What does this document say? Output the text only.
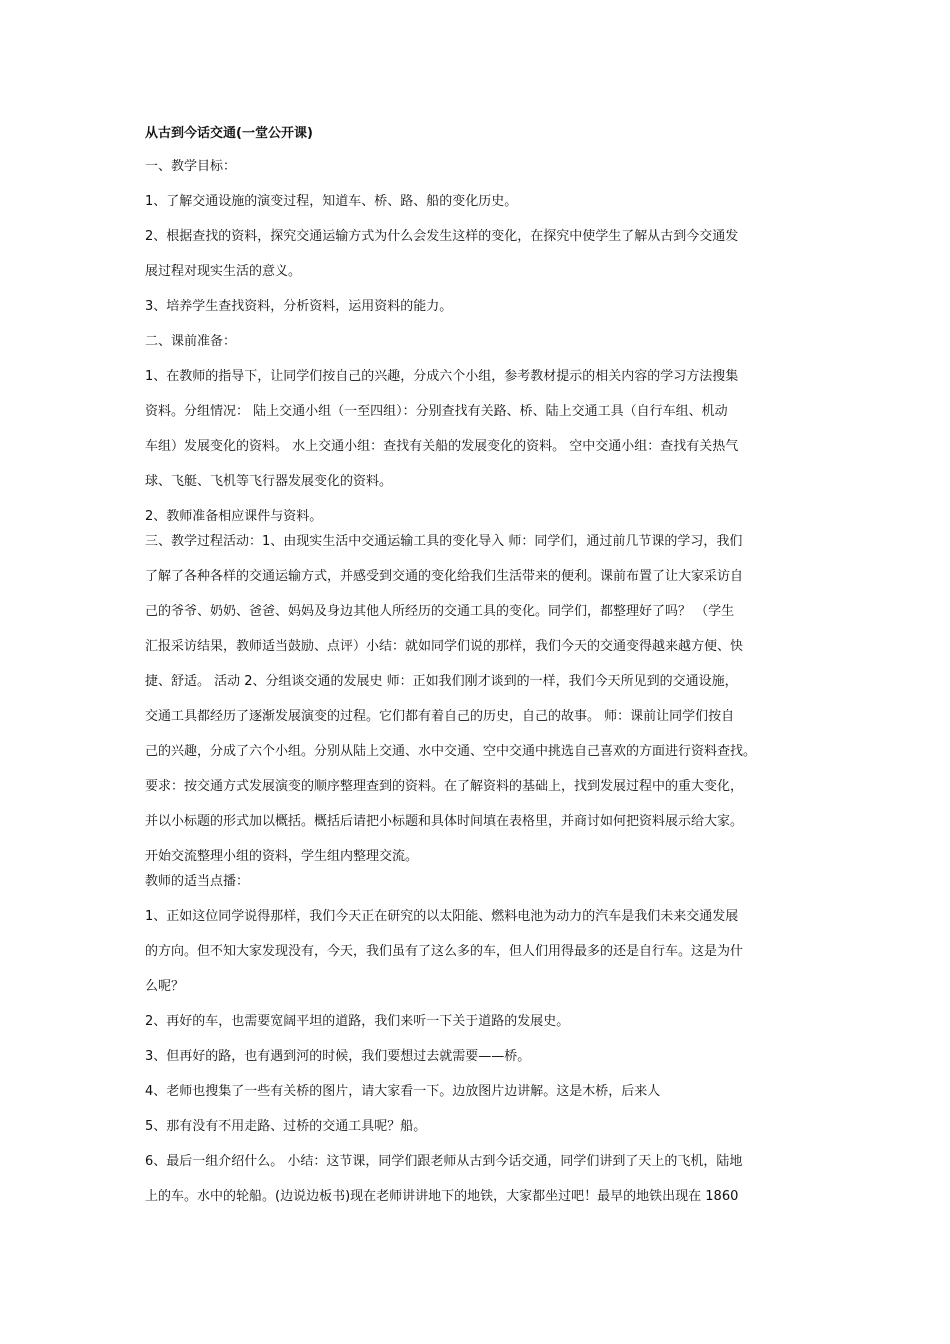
从古到今话交通(一堂公开课)

一、教学目标：

1、了解交通设施的演变过程，知道车、桥、路、船的变化历史。

2、根据查找的资料，探究交通运输方式为什么会发生这样的变化，在探究中使学生了解从古到今交通发

展过程对现实生活的意义。

3、培养学生查找资料，分析资料，运用资料的能力。

二、课前准备：

1、在教师的指导下，让同学们按自己的兴趣，分成六个小组，参考教材提示的相关内容的学习方法搜集

资料。分组情况： 陆上交通小组（一至四组）：分别查找有关路、桥、陆上交通工具（自行车组、机动

车组）发展变化的资料。 水上交通小组：查找有关船的发展变化的资料。 空中交通小组：查找有关热气

球、飞艇、飞机等飞行器发展变化的资料。

2、教师准备相应课件与资料。

三、教学过程活动：1、由现实生活中交通运输工具的变化导入 师：同学们，通过前几节课的学习，我们

了解了各种各样的交通运输方式，并感受到交通的变化给我们生活带来的便利。课前布置了让大家采访自

己的爷爷、奶奶、爸爸、妈妈及身边其他人所经历的交通工具的变化。同学们，都整理好了吗？ （学生

汇报采访结果，教师适当鼓励、点评）小结：就如同学们说的那样，我们今天的交通变得越来越方便、快

捷、舒适。 活动 2、分组谈交通的发展史 师：正如我们刚才谈到的一样，我们今天所见到的交通设施，

交通工具都经历了逐渐发展演变的过程。它们都有着自己的历史，自己的故事。 师：课前让同学们按自

己的兴趣，分成了六个小组。分别从陆上交通、水中交通、空中交通中挑选自己喜欢的方面进行资料查找。

要求：按交通方式发展演变的顺序整理查到的资料。在了解资料的基础上，找到发展过程中的重大变化，

并以小标题的形式加以概括。概括后请把小标题和具体时间填在表格里，并商讨如何把资料展示给大家。

开始交流整理小组的资料，学生组内整理交流。

教师的适当点播：

1、正如这位同学说得那样，我们今天正在研究的以太阳能、燃料电池为动力的汽车是我们未来交通发展

的方向。但不知大家发现没有，今天，我们虽有了这么多的车，但人们用得最多的还是自行车。这是为什

么呢？

2、再好的车，也需要宽阔平坦的道路，我们来听一下关于道路的发展史。

3、但再好的路，也有遇到河的时候，我们要想过去就需要——桥。

4、老师也搜集了一些有关桥的图片，请大家看一下。边放图片边讲解。这是木桥，后来人

5、那有没有不用走路、过桥的交通工具呢？船。

6、最后一组介绍什么。 小结：这节课，同学们跟老师从古到今话交通，同学们讲到了天上的飞机，陆地

上的车。水中的轮船。(边说边板书)现在老师讲讲地下的地铁，大家都坐过吧！最早的地铁出现在 1860
